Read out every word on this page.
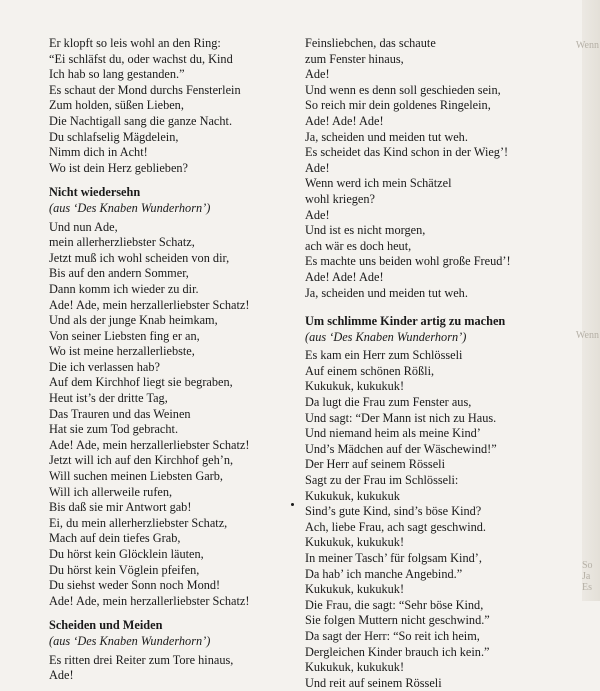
Wenn
Wenn
So Ja Es
Er klopft so leis wohl an den Ring:
“Ei schläfst du, oder wachst du, Kind
Ich hab so lang gestanden.”
Es schaut der Mond durchs Fensterlein
Zum holden, süßen Lieben,
Die Nachtigall sang die ganze Nacht.
Du schlafselig Mägdelein,
Nimm dich in Acht!
Wo ist dein Herz geblieben?
Nicht wiedersehn
(aus ‘Des Knaben Wunderhorn’)
Und nun Ade,
mein allerherzliebster Schatz,
Jetzt muß ich wohl scheiden von dir,
Bis auf den andern Sommer,
Dann komm ich wieder zu dir.
Ade! Ade, mein herzallerliebster Schatz!
Und als der junge Knab heimkam,
Von seiner Liebsten fing er an,
Wo ist meine herzallerliebste,
Die ich verlassen hab?
Auf dem Kirchhof liegt sie begraben,
Heut ist’s der dritte Tag,
Das Trauren und das Weinen
Hat sie zum Tod gebracht.
Ade! Ade, mein herzallerliebster Schatz!
Jetzt will ich auf den Kirchhof geh’n,
Will suchen meinen Liebsten Garb,
Will ich allerweile rufen,
Bis daß sie mir Antwort gab!
Ei, du mein allerherzliebster Schatz,
Mach auf dein tiefes Grab,
Du hörst kein Glöcklein läuten,
Du hörst kein Vöglein pfeifen,
Du siehst weder Sonn noch Mond!
Ade! Ade, mein herzallerliebster Schatz!
Scheiden und Meiden
(aus ‘Des Knaben Wunderhorn’)
Es ritten drei Reiter zum Tore hinaus,
Ade!
Feinsliebchen, das schaute
zum Fenster hinaus,
Ade!
Und wenn es denn soll geschieden sein,
So reich mir dein goldenes Ringelein,
Ade! Ade! Ade!
Ja, scheiden und meiden tut weh.
Es scheidet das Kind schon in der Wieg’!
Ade!
Wenn werd ich mein Schätzel
wohl kriegen?
Ade!
Und ist es nicht morgen,
ach wär es doch heut,
Es machte uns beiden wohl große Freud’!
Ade! Ade! Ade!
Ja, scheiden und meiden tut weh.
Um schlimme Kinder artig zu machen
(aus ‘Des Knaben Wunderhorn’)
Es kam ein Herr zum Schlösseli
Auf einem schönen Rößli,
Kukukuk, kukukuk!
Da lugt die Frau zum Fenster aus,
Und sagt: “Der Mann ist nich zu Haus.
Und niemand heim als meine Kind’
Und’s Mädchen auf der Wäschewind!”
Der Herr auf seinem Rösseli
Sagt zu der Frau im Schlösseli:
Kukukuk, kukukuk
Sind’s gute Kind, sind’s böse Kind?
Ach, liebe Frau, ach sagt geschwind.
Kukukuk, kukukuk!
In meiner Tasch’ für folgsam Kind’,
Da hab’ ich manche Angebind.”
Kukukuk, kukukuk!
Die Frau, die sagt: “Sehr böse Kind,
Sie folgen Muttern nicht geschwind.”
Da sagt der Herr: “So reit ich heim,
Dergleichen Kinder brauch ich kein.”
Kukukuk, kukukuk!
Und reit auf seinem Rösseli
